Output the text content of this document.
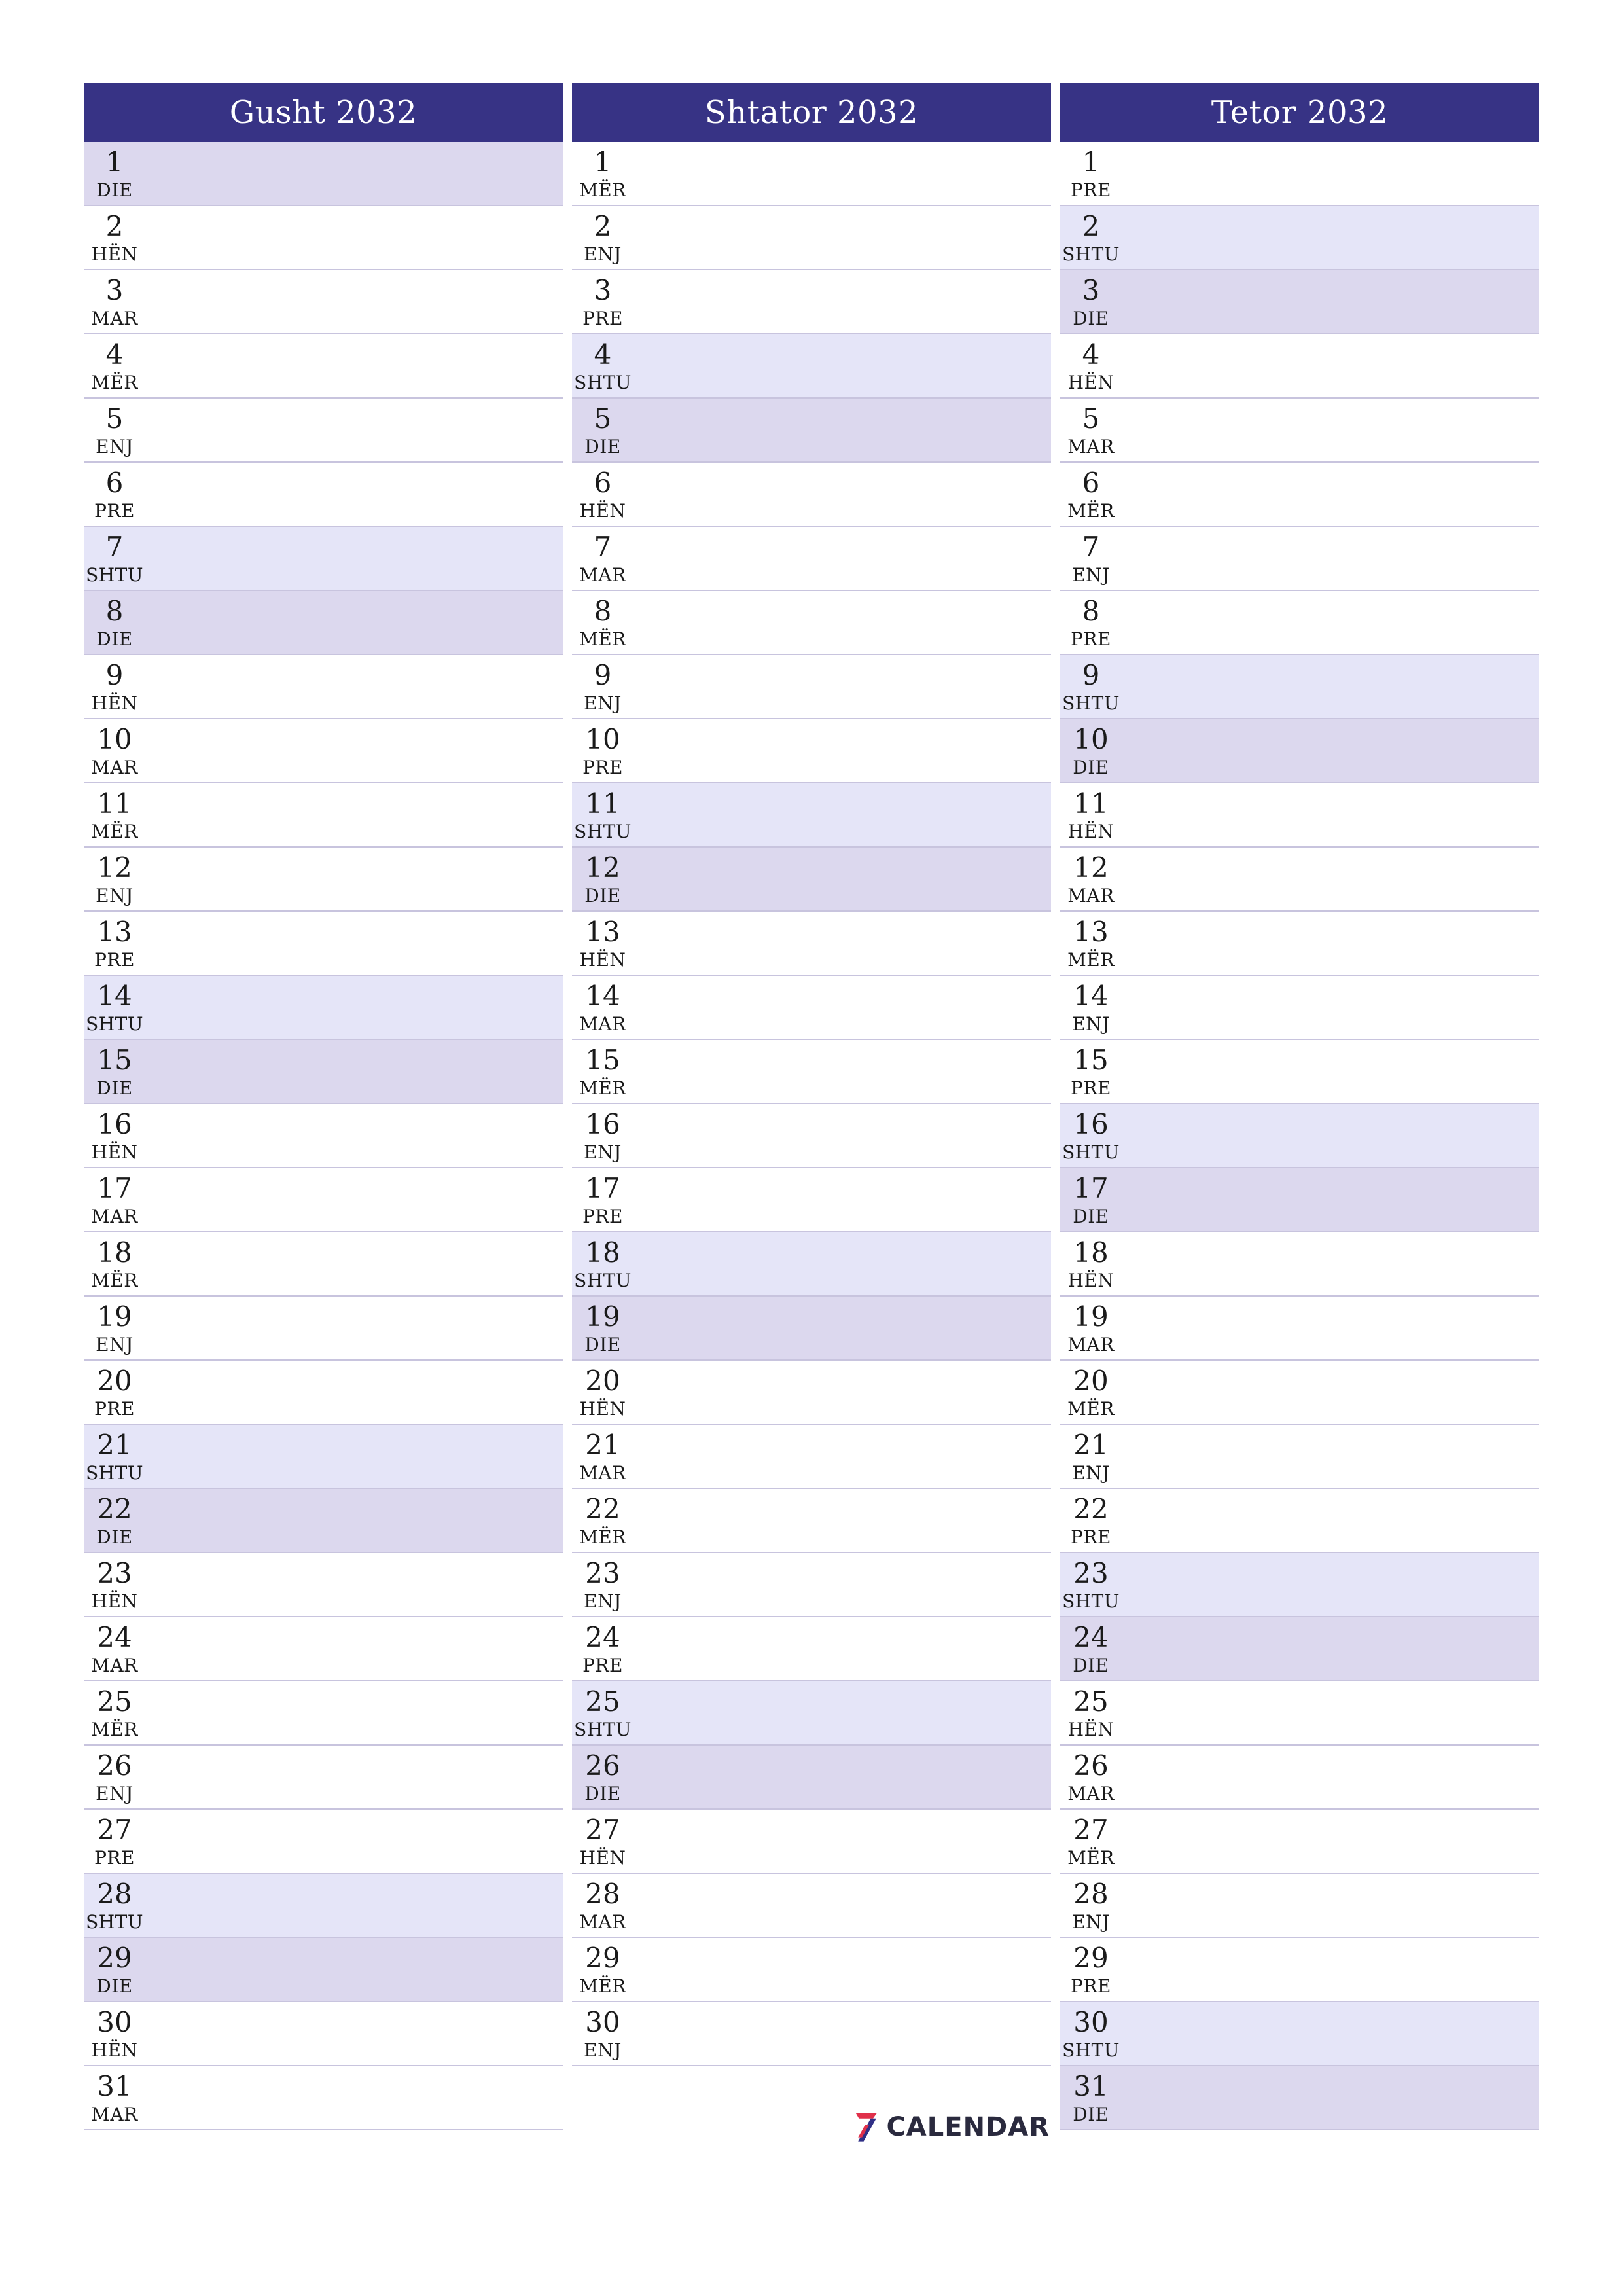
Gusht 2032
1
DIE
2
HËN
3
MAR
4
MËR
5
ENJ
6
PRE
7
SHTU
8
DIE
9
HËN
10
MAR
11
MËR
12
ENJ
13
PRE
14
SHTU
15
DIE
16
HËN
17
MAR
18
MËR
19
ENJ
20
PRE
21
SHTU
22
DIE
23
HËN
24
MAR
25
MËR
26
ENJ
27
PRE
28
SHTU
29
DIE
30
HËN
31
MAR
Shtator 2032
1
MËR
2
ENJ
3
PRE
4
SHTU
5
DIE
6
HËN
7
MAR
8
MËR
9
ENJ
10
PRE
11
SHTU
12
DIE
13
HËN
14
MAR
15
MËR
16
ENJ
17
PRE
18
SHTU
19
DIE
20
HËN
21
MAR
22
MËR
23
ENJ
24
PRE
25
SHTU
26
DIE
27
HËN
28
MAR
29
MËR
30
ENJ
Tetor 2032
1
PRE
2
SHTU
3
DIE
4
HËN
5
MAR
6
MËR
7
ENJ
8
PRE
9
SHTU
10
DIE
11
HËN
12
MAR
13
MËR
14
ENJ
15
PRE
16
SHTU
17
DIE
18
HËN
19
MAR
20
MËR
21
ENJ
22
PRE
23
SHTU
24
DIE
25
HËN
26
MAR
27
MËR
28
ENJ
29
PRE
30
SHTU
31
DIE
CALENDAR
